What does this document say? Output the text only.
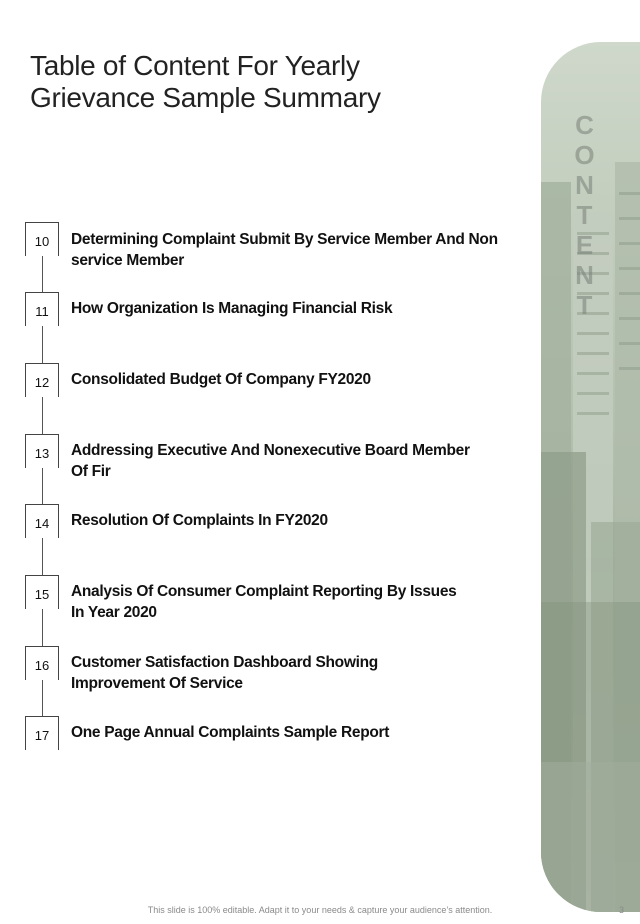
Table of Content For Yearly
Grievance Sample Summary
C
O
N
T
E
N
T
10	Determining Complaint Submit By Service Member And Non
service Member
11	How Organization Is Managing Financial Risk
12	Consolidated Budget Of Company FY2020
13	Addressing Executive And Nonexecutive Board Member
Of Fir
14	Resolution Of Complaints In FY2020
15	Analysis Of Consumer Complaint Reporting By Issues
In Year 2020
16	Customer Satisfaction Dashboard Showing
Improvement Of Service
17	One Page Annual Complaints Sample Report
This slide is 100% editable. Adapt it to your needs & capture your audience’s attention.	3
